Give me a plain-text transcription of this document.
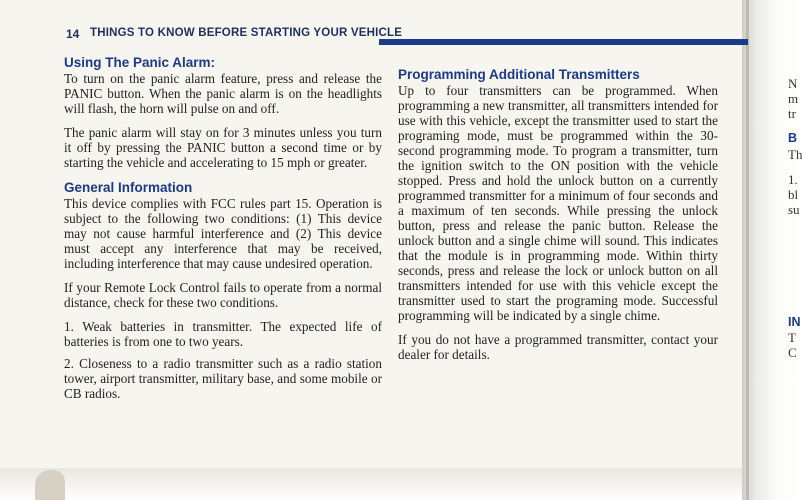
14 THINGS TO KNOW BEFORE STARTING YOUR VEHICLE
Using The Panic Alarm:

To turn on the panic alarm feature, press and release the PANIC button. When the panic alarm is on the headlights will flash, the horn will pulse on and off.

The panic alarm will stay on for 3 minutes unless you turn it off by pressing the PANIC button a second time or by starting the vehicle and accelerating to 15 mph or greater.

General Information

This device complies with FCC rules part 15. Operation is subject to the following two conditions: (1) This device may not cause harmful interference and (2) This device must accept any interference that may be received, including interference that may cause undesired operation.

If your Remote Lock Control fails to operate from a normal distance, check for these two conditions.

1. Weak batteries in transmitter. The expected life of batteries is from one to two years.

2. Closeness to a radio transmitter such as a radio station tower, airport transmitter, military base, and some mobile or CB radios.

Programming Additional Transmitters

Up to four transmitters can be programmed. When programming a new transmitter, all transmitters intended for use with this vehicle, except the transmitter used to start the programing mode, must be programmed within the 30-second programming mode. To program a transmitter, turn the ignition switch to the ON position with the vehicle stopped. Press and hold the unlock button on a currently programmed transmitter for a minimum of four seconds and a maximum of ten seconds. While pressing the unlock button, press and release the panic button. Release the unlock button and a single chime will sound. This indicates that the module is in programming mode. Within thirty seconds, press and release the lock or unlock button on all transmitters intended for use with this vehicle except the transmitter used to start the programing mode. Successful programming will be indicated by a single chime.

If you do not have a programmed transmitter, contact your dealer for details.

N
m
tr
B
Th
1.
bl
su
IN
T
C
